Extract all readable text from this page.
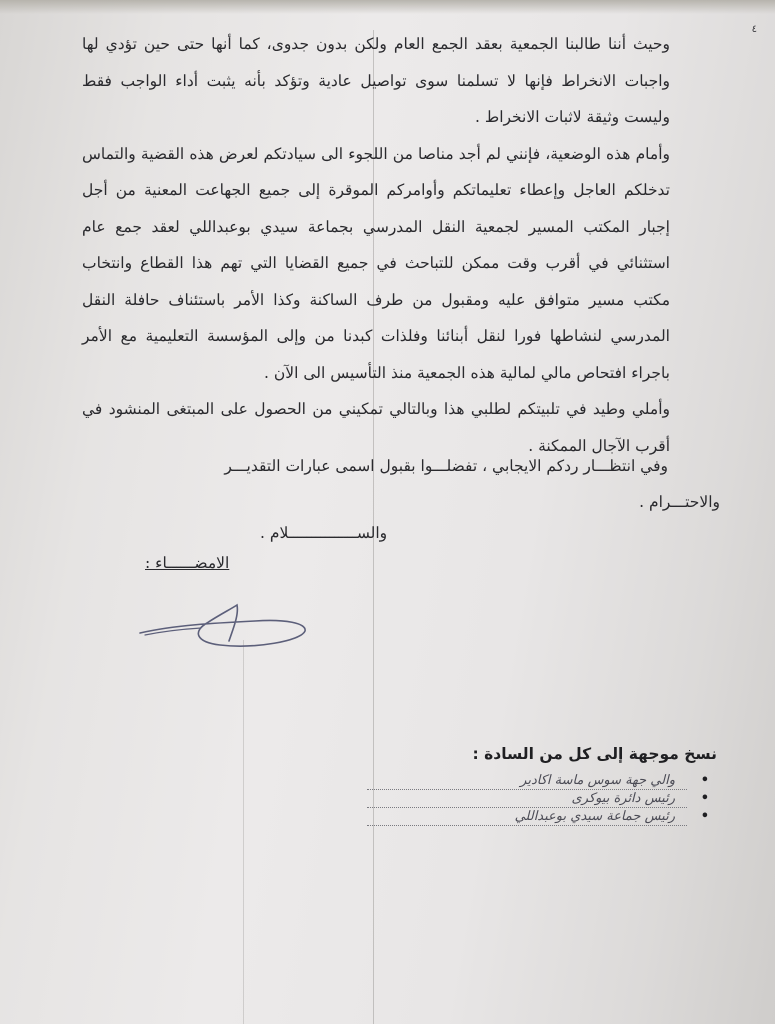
٤

وحيث أننا طالبنا الجمعية بعقد الجمع العام ولكن بدون جدوى، كما أنها حتى حين تؤدي لها واجبات الانخراط فإنها لا تسلمنا سوى تواصيل عادية وتؤكد بأنه يثبت أداء الواجب فقط وليست وثيقة لاثبات الانخراط .

وأمام هذه الوضعية، فإنني لم أجد مناصا من اللجوء الى سيادتكم لعرض هذه القضية والتماس تدخلكم العاجل وإعطاء تعليماتكم وأوامركم الموقرة إلى جميع الجهاعت المعنية من أجل إجبار المكتب المسير لجمعية النقل المدرسي بجماعة سيدي بوعبداللي لعقد جمع عام استثنائي في أقرب وقت ممكن للتباحث في جميع القضايا التي تهم هذا القطاع وانتخاب مكتب مسير متوافق عليه ومقبول من طرف الساكنة وكذا الأمر باستئناف حافلة النقل المدرسي لنشاطها فورا لنقل أبنائنا وفلذات كبدنا من وإلى المؤسسة التعليمية مع الأمر باجراء افتحاص مالي لمالية هذه الجمعية منذ التأسيس الى الآن .

وأملي وطيد في تلبيتكم لطلبي هذا وبالتالي تمكيني من الحصول على المبتغى المنشود في أقرب الآجال الممكنة .

وفي انتظـــار ردكم الايجابي ، تفضلـــوا بقبول اسمى عبارات التقديـــر

والاحتـــرام .

والســـــــــــــــلام .
الامضــــــاء :
نسخ موجهة إلى كل من السادة :
•
والي جهة سوس ماسة اكادير
•
رئيس دائرة بيوكرى
•
رئيس جماعة سيدي بوعبداللي
